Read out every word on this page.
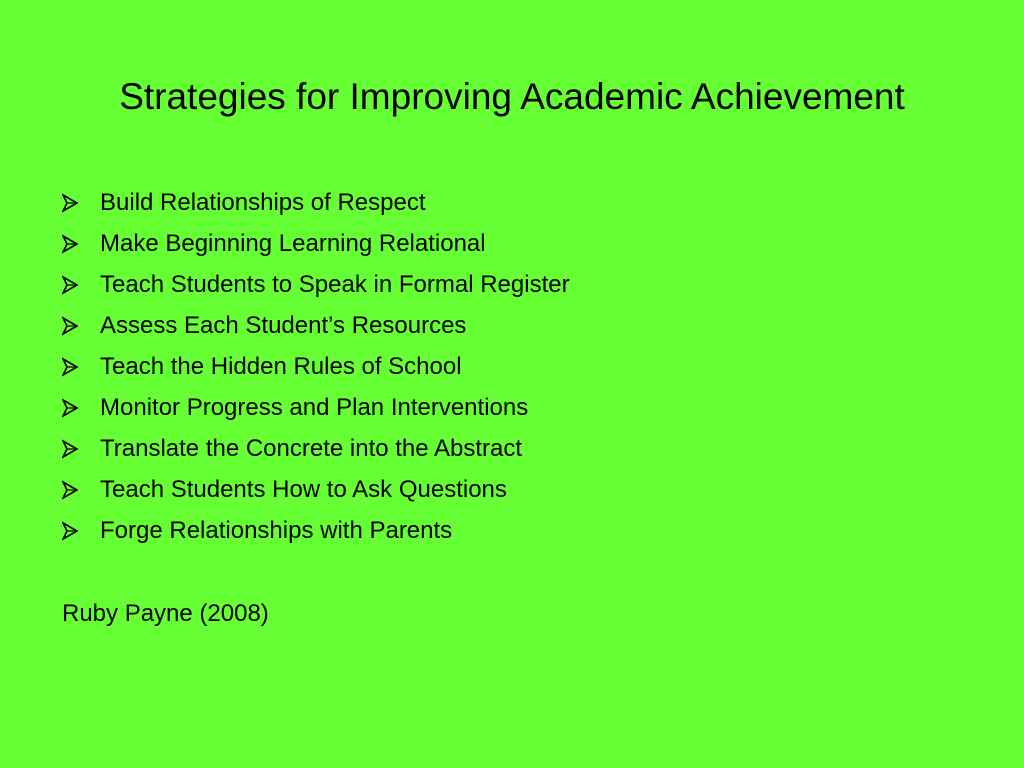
Strategies for Improving Academic Achievement
Build Relationships of Respect
Make Beginning Learning Relational
Teach Students to Speak in Formal Register
Assess Each Student’s Resources
Teach the Hidden Rules of School
Monitor Progress and Plan Interventions
Translate the Concrete into the Abstract
Teach Students How to Ask Questions
Forge Relationships with Parents
Ruby Payne (2008)
